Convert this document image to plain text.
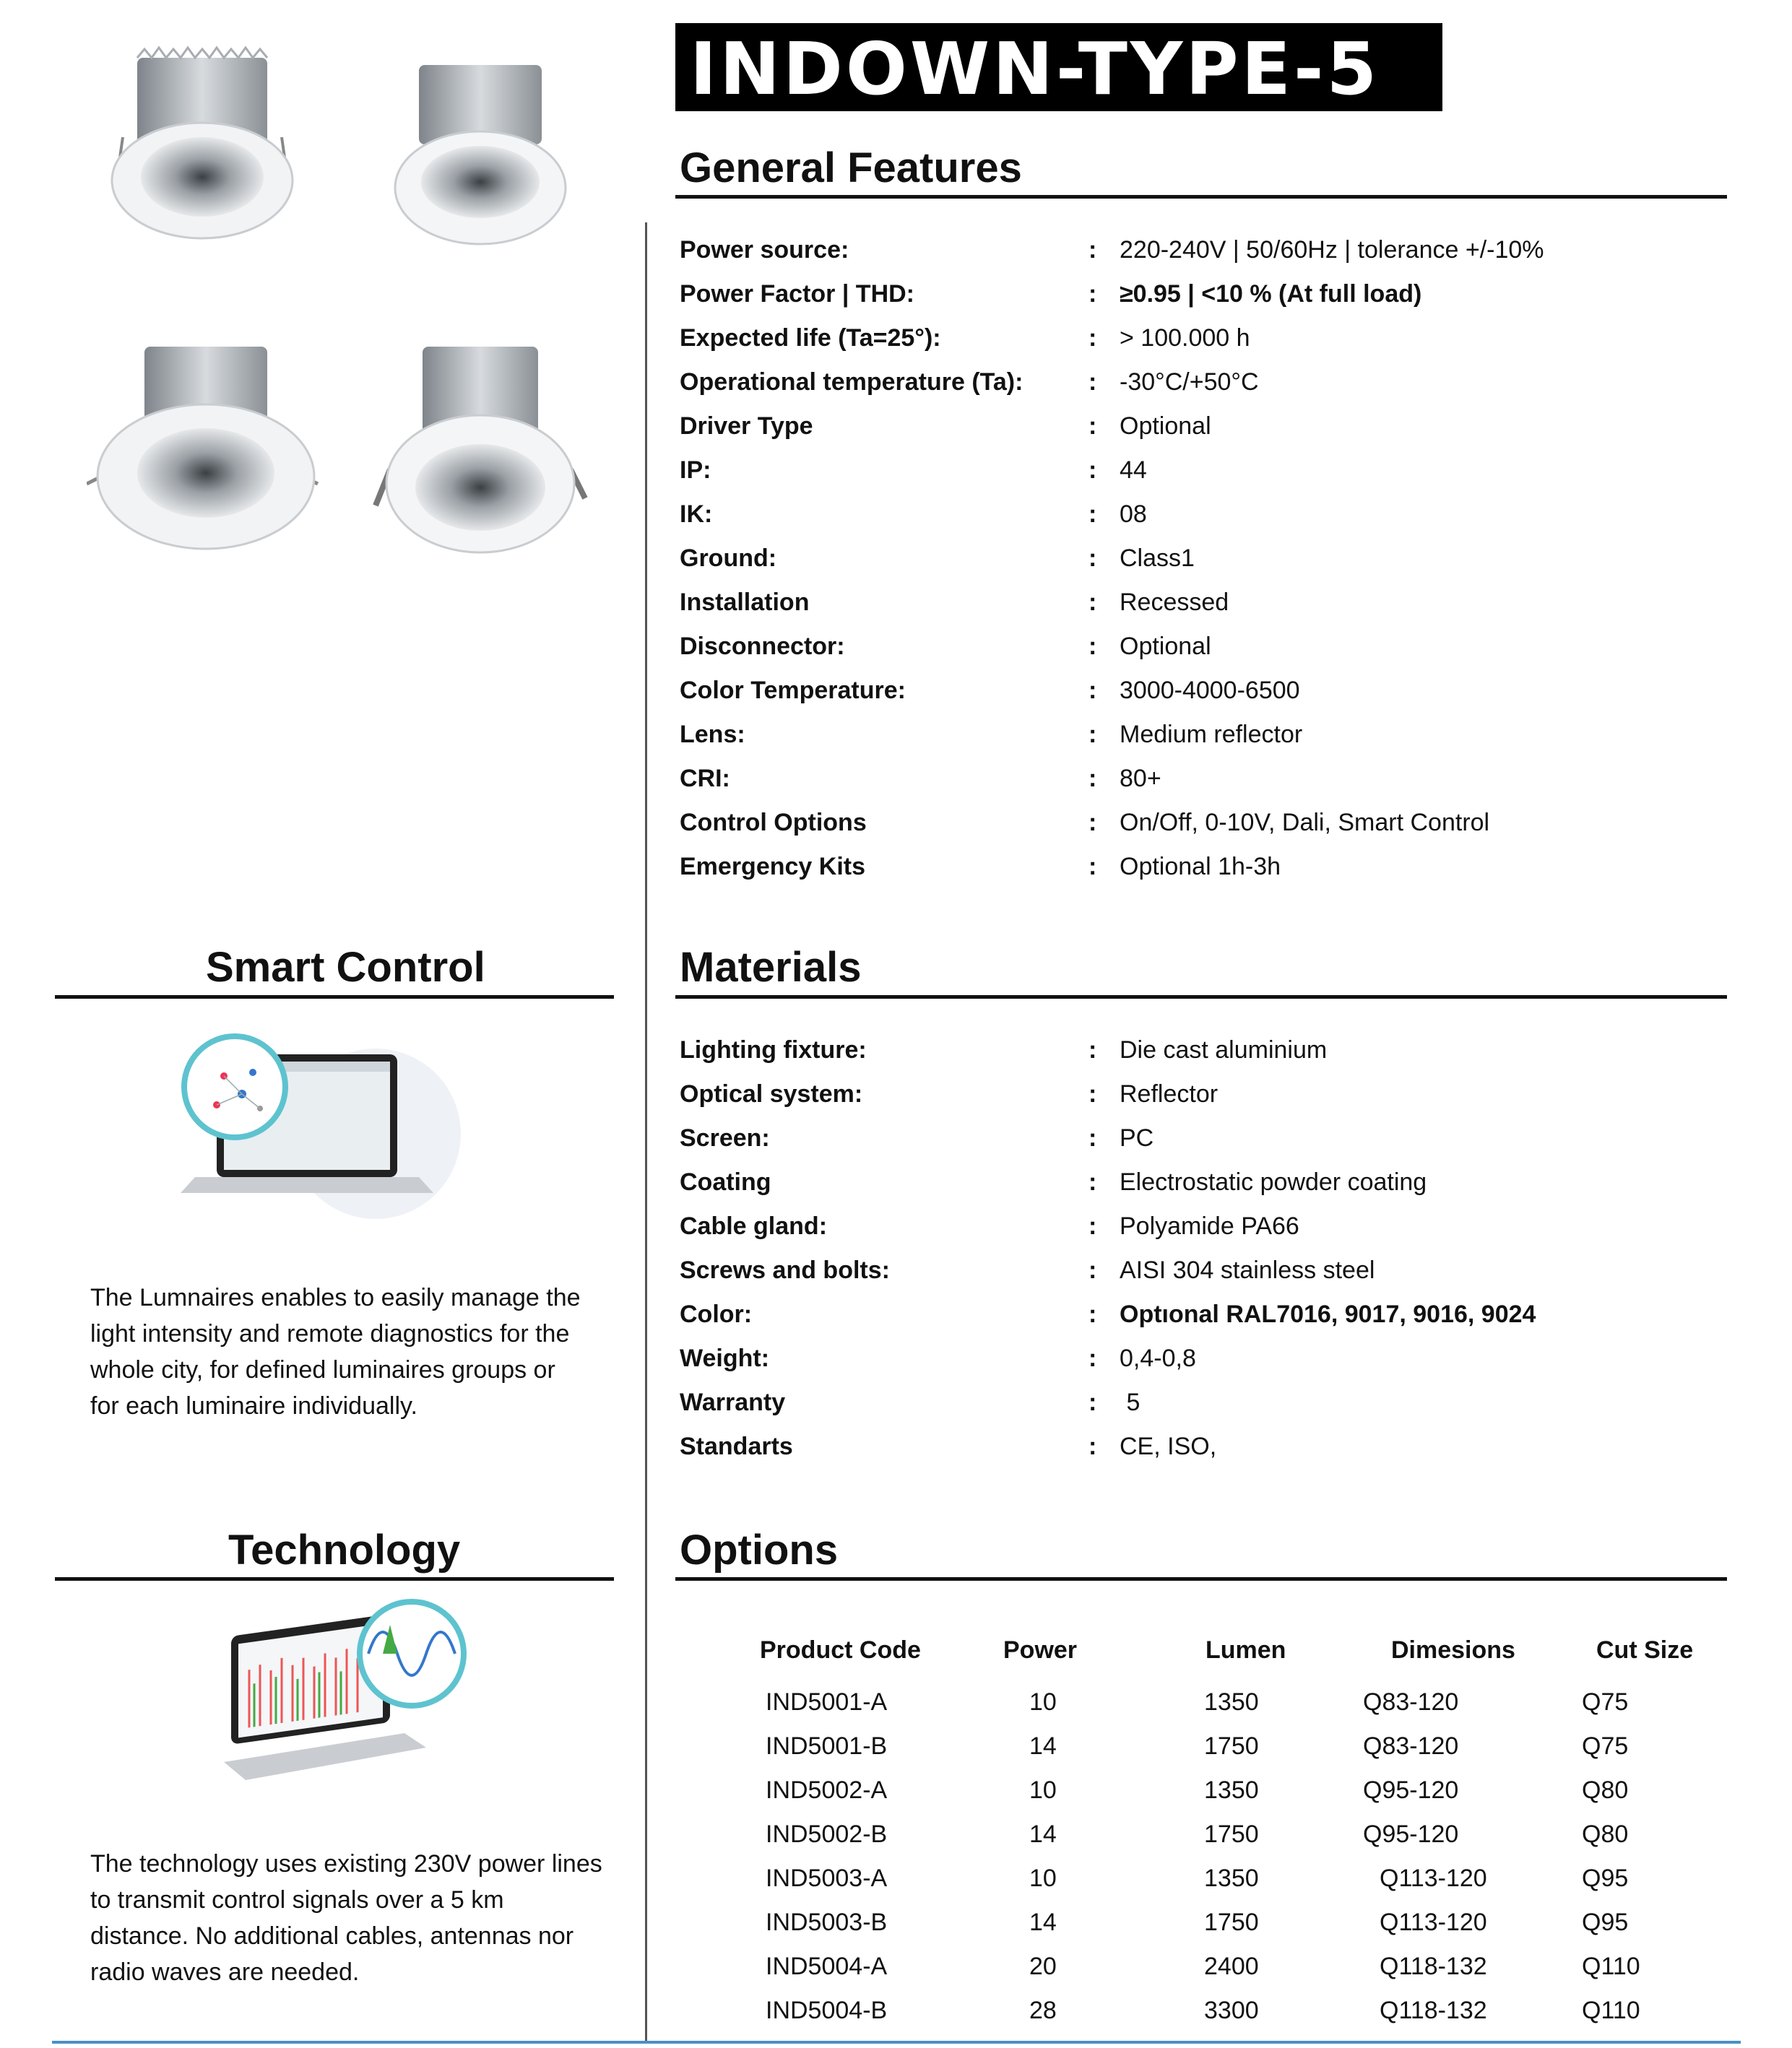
INDOWN-TYPE-5
General Features
Power source:	: 220-240V | 50/60Hz | tolerance +/-10%
Power Factor | THD:	: ≥0.95 | <10 % (At full load)
Expected life (Ta=25°):	: > 100.000 h
Operational temperature (Ta):	: -30°C/+50°C
Driver Type	: Optional
IP:	: 44
IK:	: 08
Ground:	: Class1
Installation	: Recessed
Disconnector:	: Optional
Color Temperature:	: 3000-4000-6500
Lens:	: Medium reflector
CRI:	: 80+
Control Options	: On/Off, 0-10V, Dali, Smart Control
Emergency Kits	: Optional 1h-3h
Smart Control
The Lumnaires enables to easily manage the
light intensity and remote diagnostics for the
whole city, for defined luminaires groups or
for each luminaire individually.
Materials
Lighting fixture:	: Die cast aluminium
Optical system:	: Reflector
Screen:	: PC
Coating	: Electrostatic powder coating
Cable gland:	: Polyamide PA66
Screws and bolts:	: AISI 304 stainless steel
Color:	: Optıonal RAL7016, 9017, 9016, 9024
Weight:	: 0,4-0,8
Warranty	: 5
Standarts	: CE, ISO,
Technology
The technology uses existing 230V power lines
to transmit control signals over a 5 km
distance. No additional cables, antennas nor
radio waves are needed.
Options
Product Code	Power	Lumen	Dimesions	Cut Size
IND5001-A	10	1350	Q83-120	Q75
IND5001-B	14	1750	Q83-120	Q75
IND5002-A	10	1350	Q95-120	Q80
IND5002-B	14	1750	Q95-120	Q80
IND5003-A	10	1350	Q113-120	Q95
IND5003-B	14	1750	Q113-120	Q95
IND5004-A	20	2400	Q118-132	Q110
IND5004-B	28	3300	Q118-132	Q110
